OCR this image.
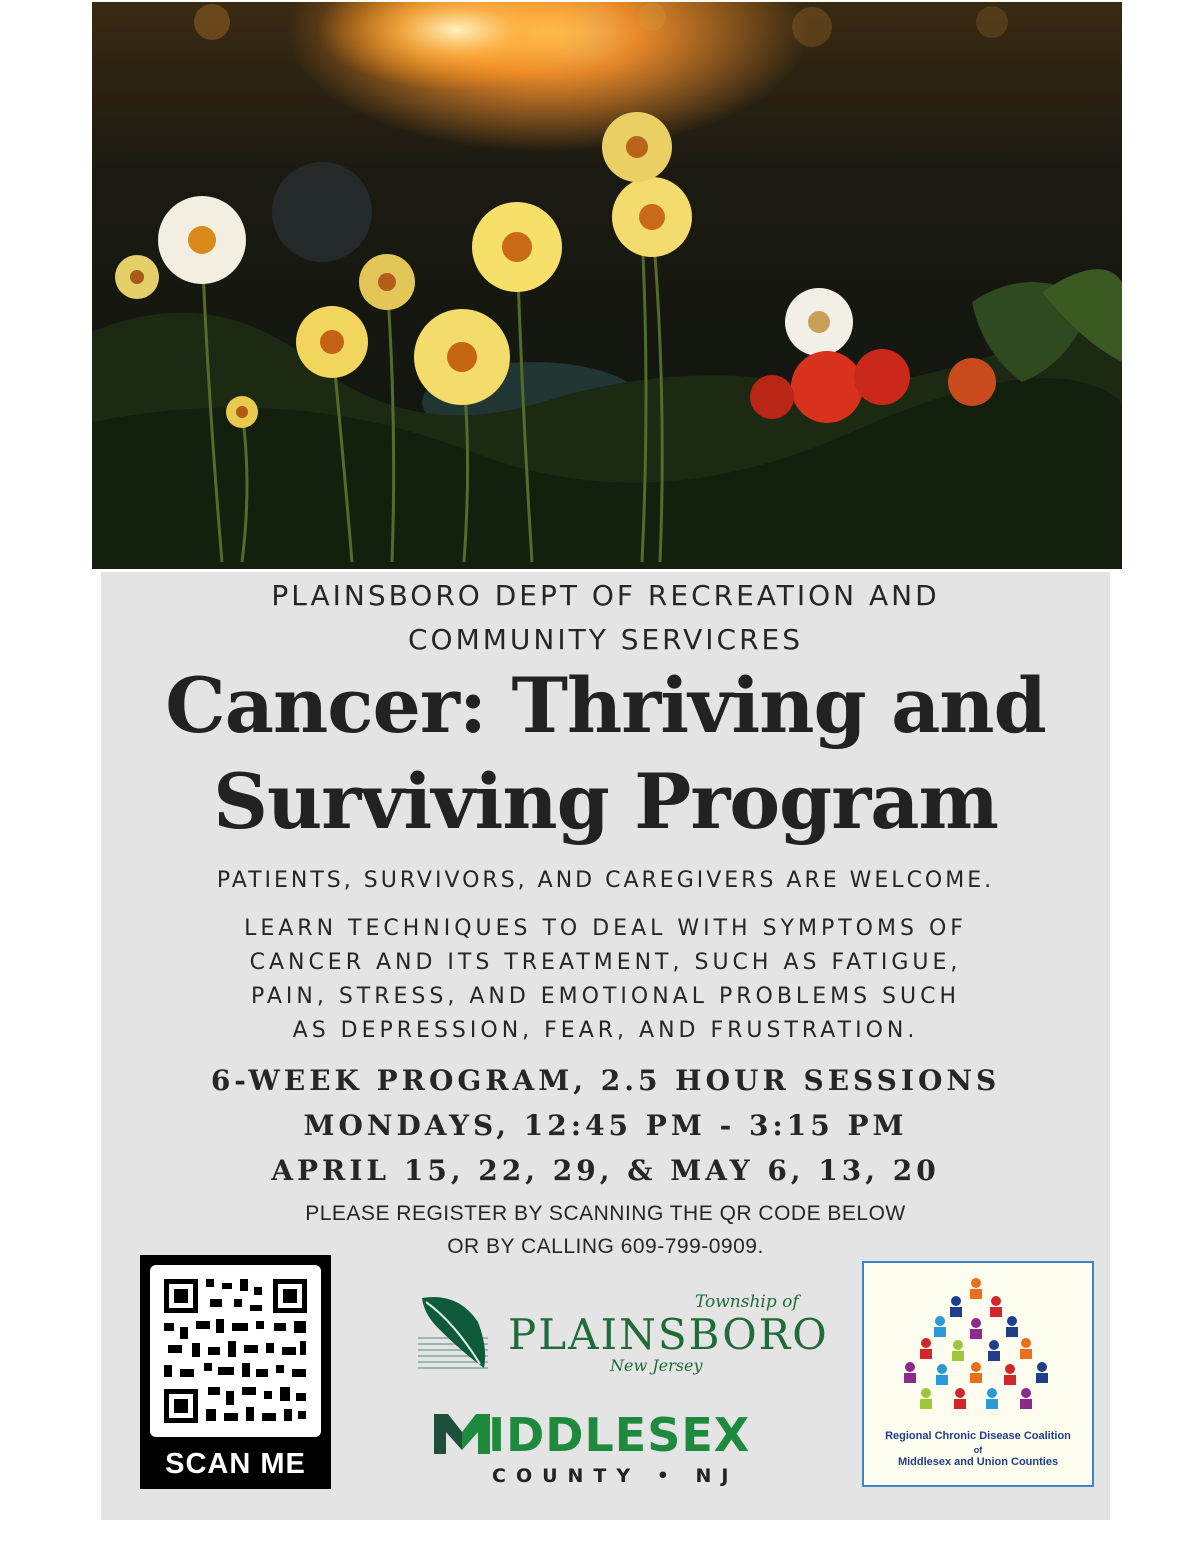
PLAINSBORO DEPT OF RECREATION AND

COMMUNITY SERVICRES

Cancer: Thriving and

Surviving Program

PATIENTS, SURVIVORS, AND CAREGIVERS ARE WELCOME.

LEARN TECHNIQUES TO DEAL WITH SYMPTOMS OF

CANCER AND ITS TREATMENT, SUCH AS FATIGUE,

PAIN, STRESS, AND EMOTIONAL PROBLEMS SUCH

AS DEPRESSION, FEAR, AND FRUSTRATION.

6-WEEK PROGRAM, 2.5 HOUR SESSIONS

MONDAYS, 12:45 PM - 3:15 PM

APRIL 15, 22, 29, & MAY 6, 13, 20

PLEASE REGISTER BY SCANNING THE QR CODE BELOW

OR BY CALLING 609-799-0909.

SCAN ME
Township of
PLAINSBORO
New Jersey
IDDLESEX
COUNTY • NJ
Regional Chronic Disease Coalition
of
Middlesex and Union Counties
